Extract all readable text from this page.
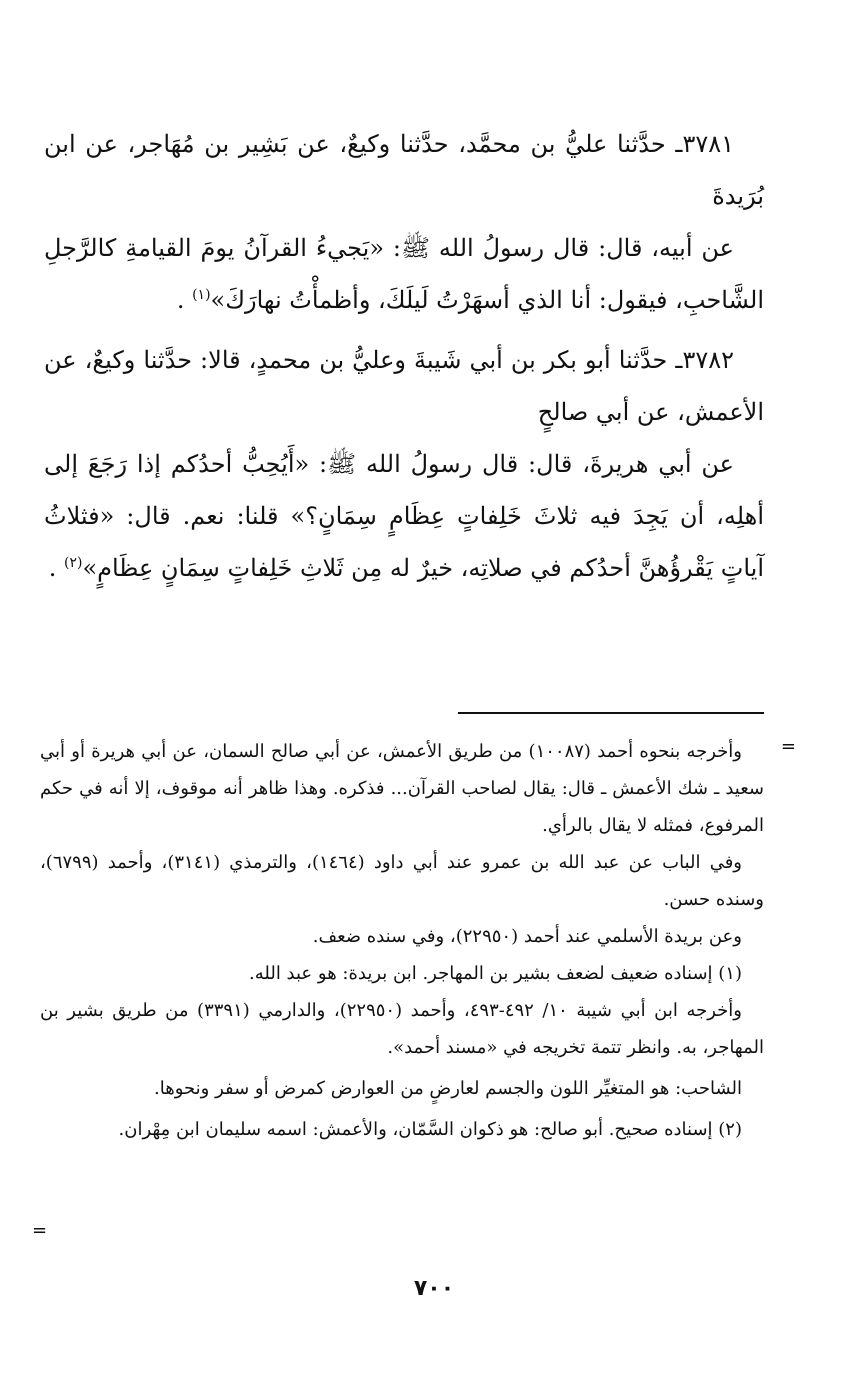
٣٧٨١ـ حدَّثنا عليُّ بن محمَّد، حدَّثنا وكيعٌ، عن بَشِير بن مُهَاجر، عن ابن بُرَيدةَ

عن أبيه، قال: قال رسولُ الله ﷺ: «يَجيءُ القرآنُ يومَ القيامةِ كالرَّجلِ الشَّاحبِ، فيقول: أنا الذي أسهَرْتُ لَيلَكَ، وأظمأْتُ نهارَكَ»$^{(١)}$ .

٣٧٨٢ـ حدَّثنا أبو بكر بن أبي شَيبةَ وعليُّ بن محمدٍ، قالا: حدَّثنا وكيعٌ، عن الأعمش، عن أبي صالحٍ

عن أبي هريرةَ، قال: قال رسولُ الله ﷺ: «أَيُحِبُّ أحدُكم إذا رَجَعَ إلى أهلِه، أن يَجِدَ فيه ثلاثَ خَلِفاتٍ عِظَامٍ سِمَانٍ؟» قلنا: نعم. قال: «فثلاثُ آياتٍ يَقْرؤُهنَّ أحدُكم في صلاتِه، خيرٌ له مِن ثَلاثِ خَلِفاتٍ سِمَانٍ عِظَامٍ»$^{(٢)}$ .

=

وأخرجه بنحوه أحمد (١٠٠٨٧) من طريق الأعمش، عن أبي صالح السمان، عن أبي هريرة أو أبي سعيد ـ شك الأعمش ـ قال: يقال لصاحب القرآن... فذكره. وهذا ظاهر أنه موقوف، إلا أنه في حكم المرفوع، فمثله لا يقال بالرأي.

وفي الباب عن عبد الله بن عمرو عند أبي داود (١٤٦٤)، والترمذي (٣١٤١)، وأحمد (٦٧٩٩)، وسنده حسن.

وعن بريدة الأسلمي عند أحمد (٢٢٩٥٠)، وفي سنده ضعف.

(١) إسناده ضعيف لضعف بشير بن المهاجر. ابن بريدة: هو عبد الله.

وأخرجه ابن أبي شيبة ١٠/ ٤٩٢-٤٩٣، وأحمد (٢٢٩٥٠)، والدارمي (٣٣٩١) من طريق بشير بن المهاجر، به. وانظر تتمة تخريجه في «مسند أحمد».

الشاحب: هو المتغيِّر اللون والجسم لعارضٍ من العوارض كمرض أو سفر ونحوها.

(٢) إسناده صحيح. أبو صالح: هو ذكوان السَّمّان، والأعمش: اسمه سليمان ابن مِهْران.

=
٧٠٠
